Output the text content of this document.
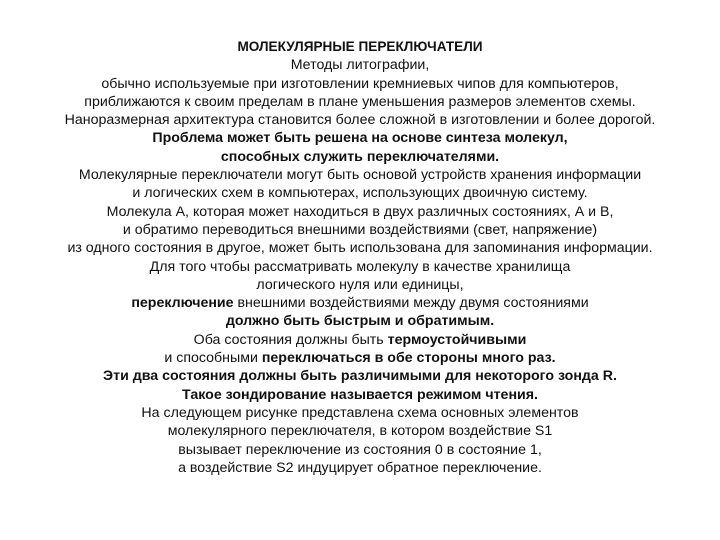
МОЛЕКУЛЯРНЫЕ ПЕРЕКЛЮЧАТЕЛИ
Методы литографии,
обычно используемые при изготовлении кремниевых чипов для компьютеров,
приближаются к своим пределам в плане уменьшения размеров элементов схемы.
Наноразмерная архитектура становится более сложной в изготовлении и более дорогой.
Проблема может быть решена на основе синтеза молекул,
способных служить переключателями.
Молекулярные переключатели могут быть основой устройств хранения информации
и логических схем в компьютерах, использующих двоичную систему.
Молекула А, которая может находиться в двух различных состояниях, А и В,
и обратимо переводиться внешними воздействиями (свет, напряжение)
из одного состояния в другое, может быть использована для запоминания информации.
Для того чтобы рассматривать молекулу в качестве хранилища
логического нуля или единицы,
переключение внешними воздействиями между двумя состояниями
должно быть быстрым и обратимым.
Оба состояния должны быть термоустойчивыми
и способными переключаться в обе стороны много раз.
Эти два состояния должны быть различимыми для некоторого зонда R.
Такое зондирование называется режимом чтения.
На следующем рисунке представлена схема основных элементов
молекулярного переключателя, в котором воздействие S1
вызывает переключение из состояния 0 в состояние 1,
а воздействие S2 индуцирует обратное переключение.
